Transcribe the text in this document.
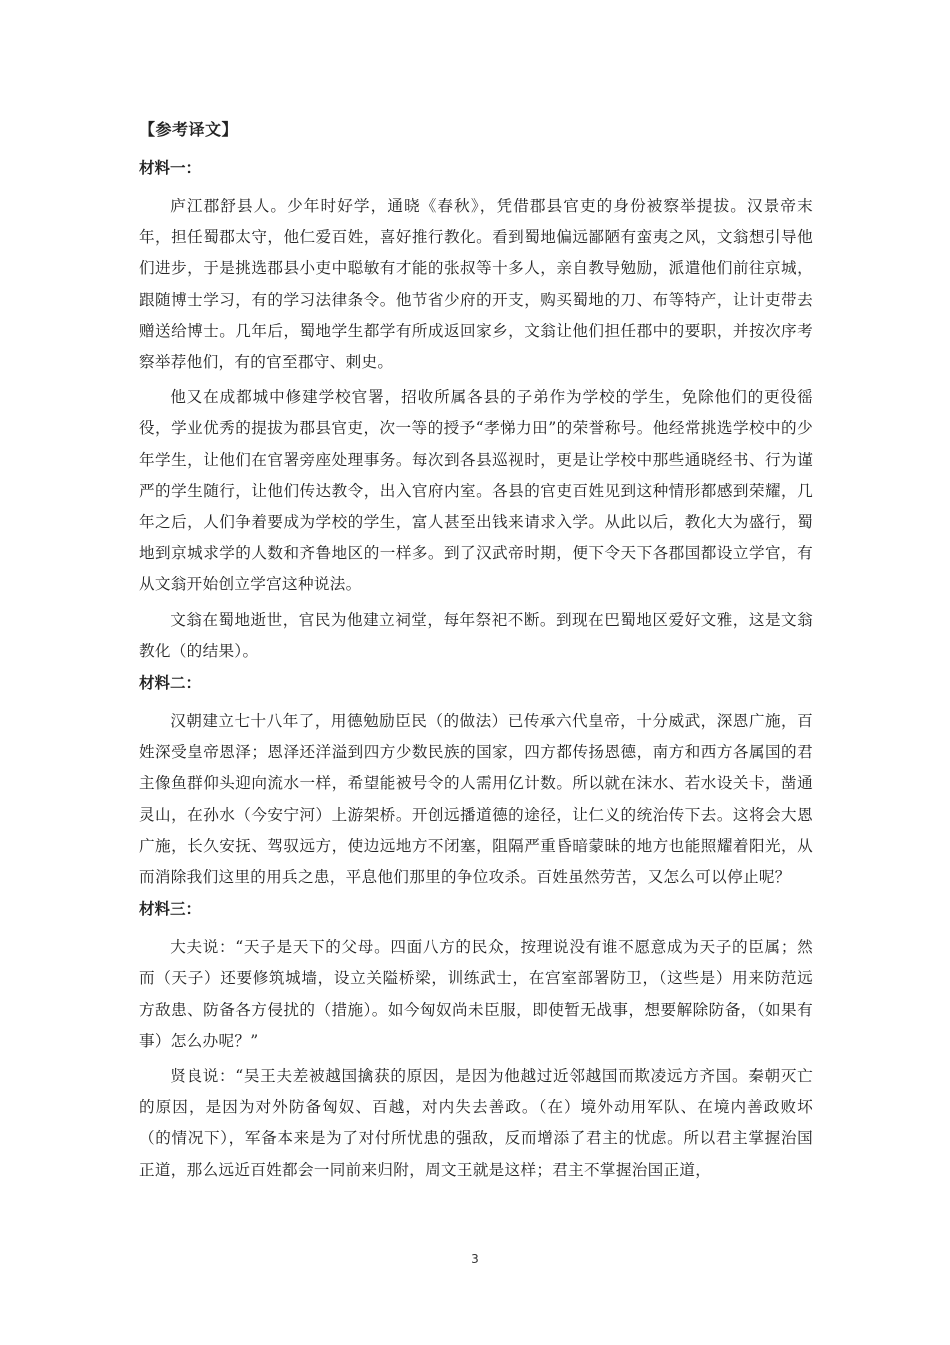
【参考译文】
材料一：

庐江郡舒县人。少年时好学，通晓《春秋》，凭借郡县官吏的身份被察举提拔。汉景帝末年，担任蜀郡太守，他仁爱百姓，喜好推行教化。看到蜀地偏远鄙陋有蛮夷之风，文翁想引导他们进步，于是挑选郡县小吏中聪敏有才能的张叔等十多人，亲自教导勉励，派遣他们前往京城，跟随博士学习，有的学习法律条令。他节省少府的开支，购买蜀地的刀、布等特产，让计吏带去赠送给博士。几年后，蜀地学生都学有所成返回家乡，文翁让他们担任郡中的要职，并按次序考察举荐他们，有的官至郡守、刺史。

他又在成都城中修建学校官署，招收所属各县的子弟作为学校的学生，免除他们的更役徭役，学业优秀的提拔为郡县官吏，次一等的授予“孝悌力田”的荣誉称号。他经常挑选学校中的少年学生，让他们在官署旁座处理事务。每次到各县巡视时，更是让学校中那些通晓经书、行为谨严的学生随行，让他们传达教令，出入官府内室。各县的官吏百姓见到这种情形都感到荣耀，几年之后，人们争着要成为学校的学生，富人甚至出钱来请求入学。从此以后，教化大为盛行，蜀地到京城求学的人数和齐鲁地区的一样多。到了汉武帝时期，便下令天下各郡国都设立学官，有从文翁开始创立学宫这种说法。

文翁在蜀地逝世，官民为他建立祠堂，每年祭祀不断。到现在巴蜀地区爱好文雅，这是文翁教化（的结果）。

材料二：

汉朝建立七十八年了，用德勉励臣民（的做法）已传承六代皇帝，十分威武，深恩广施，百姓深受皇帝恩泽；恩泽还洋溢到四方少数民族的国家，四方都传扬恩德，南方和西方各属国的君主像鱼群仰头迎向流水一样，希望能被号令的人需用亿计数。所以就在沫水、若水设关卡，凿通灵山，在孙水（今安宁河）上游架桥。开创远播道德的途径，让仁义的统治传下去。这将会大恩广施，长久安抚、驾驭远方，使边远地方不闭塞，阻隔严重昏暗蒙昧的地方也能照耀着阳光，从而消除我们这里的用兵之患，平息他们那里的争位攻杀。百姓虽然劳苦，又怎么可以停止呢？

材料三：

大夫说：“天子是天下的父母。四面八方的民众，按理说没有谁不愿意成为天子的臣属；然而（天子）还要修筑城墙，设立关隘桥梁，训练武士，在宫室部署防卫，（这些是）用来防范远方敌患、防备各方侵扰的（措施）。如今匈奴尚未臣服，即使暂无战事，想要解除防备，（如果有事）怎么办呢？”

贤良说：“吴王夫差被越国擒获的原因，是因为他越过近邻越国而欺凌远方齐国。秦朝灭亡的原因，是因为对外防备匈奴、百越，对内失去善政。（在）境外动用军队、在境内善政败坏（的情况下），军备本来是为了对付所忧患的强敌，反而增添了君主的忧虑。所以君主掌握治国正道，那么远近百姓都会一同前来归附，周文王就是这样；君主不掌握治国正道，

3
